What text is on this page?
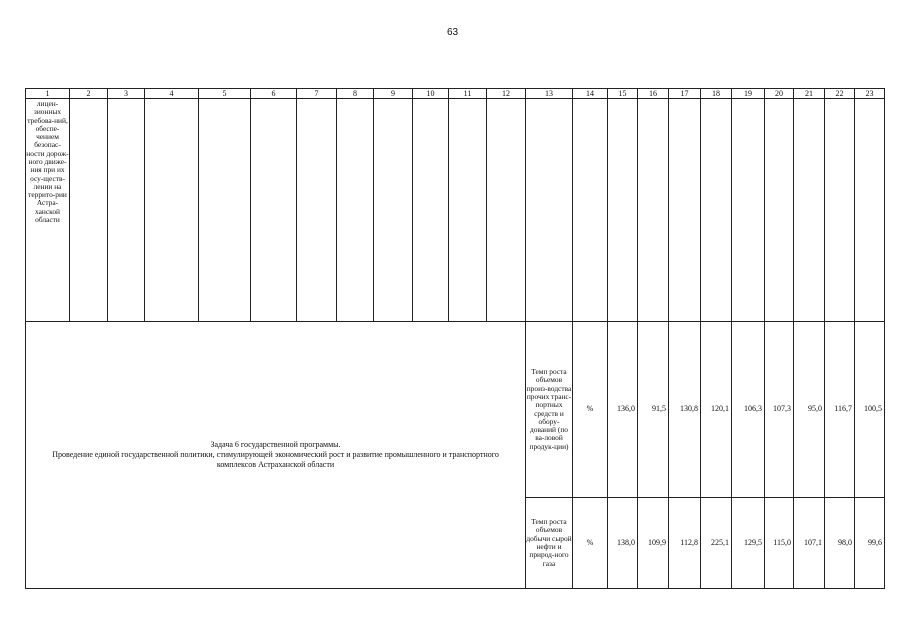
63
1	2	3	4	5	6	7	8	9	10	11	12	13	14	15	16	17	18	19	20	21	22	23

лицен-зионных требова-ний, обеспе-чением безопас-ности дорож-ного движе-ния при их осу-ществ-лении на террито-рии Астра-ханской области																						

Задача 6 государственной программы.
Проведение единой государственной политики, стимулирующей экономический рост и развитие промышленного и транспортного комплексов Астраханской области												Темп роста объемов произ-водства прочих транс-портных средств и обору-дований (по ва-ловой продук-ции)	%	136,0	91,5	130,8	120,1	106,3	107,3	95,0	116,7	100,5
												Темп роста объемов добычи сырой нефти и природ-ного газа	%	138,0	109,9	112,8	225,1	129,5	115,0	107,1	98,0	99,6
